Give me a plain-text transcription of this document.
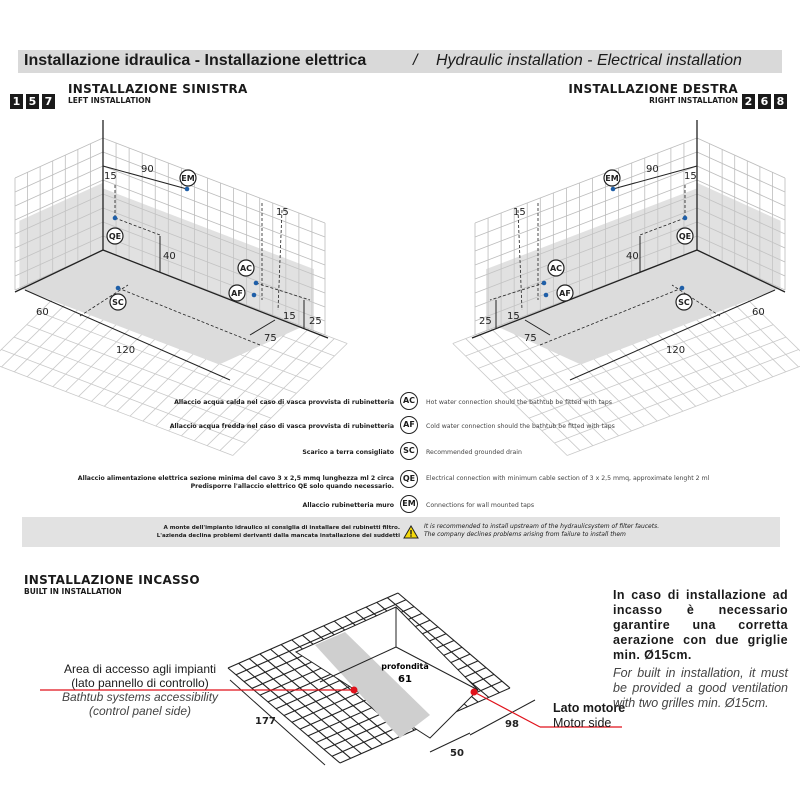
Installazione idraulica - Installazione elettrica	/ Hydraulic installation - Electrical installation
1 5 7
INSTALLAZIONE SINISTRA
LEFT INSTALLATION
INSTALLAZIONE DESTRA
RIGHT INSTALLATION 2 6 8
90
15
15
40
60
120
75
15 25
EM
QE
AC
AF
SC
90
15
15
40
60
120
75
15
25
EM
QE
AC
AF
SC
profondità
61
177	98
50
Allaccio acqua calda nel caso di vasca provvista di rubinetteria	AC	Hot water connection should the bathtub be fitted with taps
Allaccio acqua fredda nel caso di vasca provvista di rubinetteria	AF	Cold water connection should the bathtub be fitted with taps
Scarico a terra consigliato	SC	Recommended grounded drain
Allaccio alimentazione elettrica sezione minima del cavo 3 x 2,5 mmq lunghezza ml 2 circa
Predisporre l'allaccio elettrico QE solo quando necessario.
QE	Electrical connection with minimum cable section of 3 x 2,5 mmq, approximate lenght 2 ml
Allaccio rubinetteria muro EM	Connections for wall mounted taps
A monte dell'impianto idraulico si consiglia di installare dei rubinetti filtro.
L'azienda declina problemi derivanti dalla mancata installazione dei suddetti
It is recommended to install upstream of the hydraulicsystem of filter faucets.
The company declines problems arising from failure to install them
INSTALLAZIONE INCASSO
BUILT IN INSTALLATION
Area di accesso agli impianti
(lato pannello di controllo)
Bathtub systems accessibility
(control panel side)	Lato motore
Motor side
In caso di installazione ad incasso è necessario garantire una corretta aerazione con due griglie min. Ø15cm.
For built in installation, it must be provided a good ventilation with two grilles min. Ø15cm.
